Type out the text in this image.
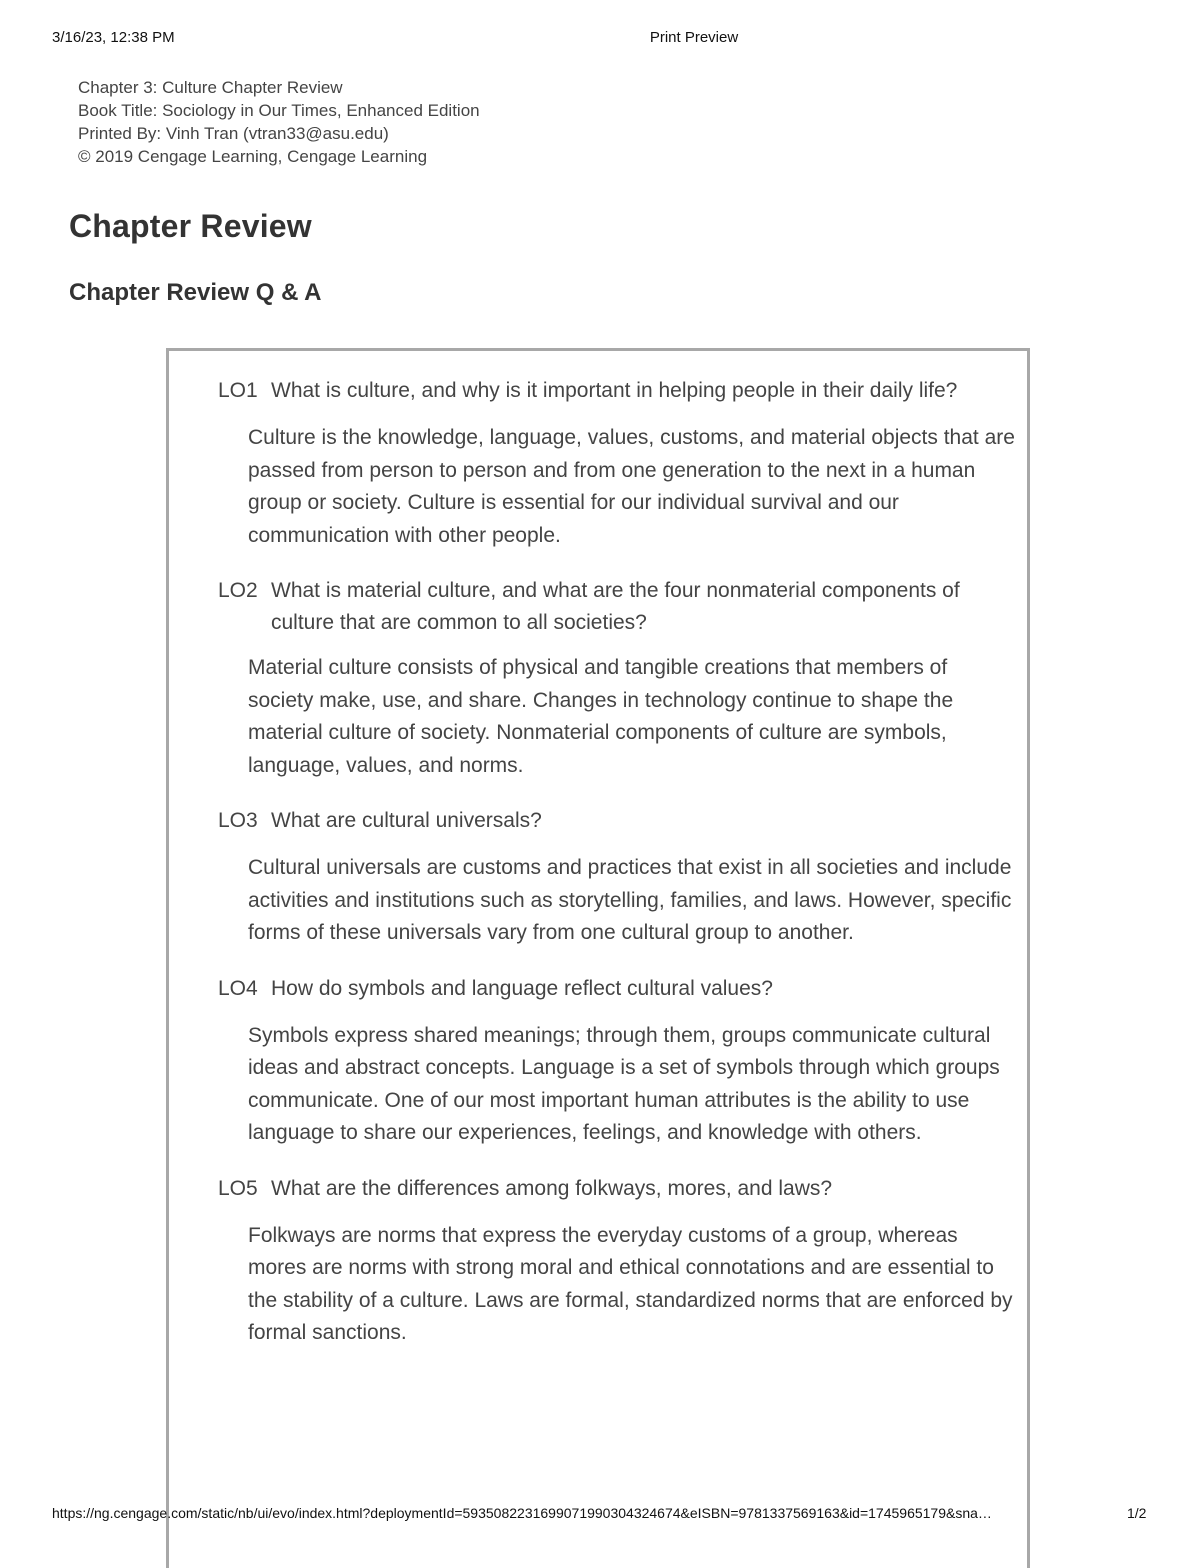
3/16/23, 12:38 PM	Print Preview
Chapter 3: Culture Chapter Review
Book Title: Sociology in Our Times, Enhanced Edition
Printed By: Vinh Tran (vtran33@asu.edu)
© 2019 Cengage Learning, Cengage Learning
Chapter Review
Chapter Review Q & A
LO1 What is culture, and why is it important in helping people in their daily life?
Culture is the knowledge, language, values, customs, and material objects that are passed from person to person and from one generation to the next in a human group or society. Culture is essential for our individual survival and our communication with other people.
LO2 What is material culture, and what are the four nonmaterial components of culture that are common to all societies?
Material culture consists of physical and tangible creations that members of society make, use, and share. Changes in technology continue to shape the material culture of society. Nonmaterial components of culture are symbols, language, values, and norms.
LO3 What are cultural universals?
Cultural universals are customs and practices that exist in all societies and include activities and institutions such as storytelling, families, and laws. However, specific forms of these universals vary from one cultural group to another.
LO4 How do symbols and language reflect cultural values?
Symbols express shared meanings; through them, groups communicate cultural ideas and abstract concepts. Language is a set of symbols through which groups communicate. One of our most important human attributes is the ability to use language to share our experiences, feelings, and knowledge with others.
LO5 What are the differences among folkways, mores, and laws?
Folkways are norms that express the everyday customs of a group, whereas mores are norms with strong moral and ethical connotations and are essential to the stability of a culture. Laws are formal, standardized norms that are enforced by formal sanctions.
https://ng.cengage.com/static/nb/ui/evo/index.html?deploymentId=5935082231699071990304324674&eISBN=9781337569163&id=1745965179&sna…	1/2
